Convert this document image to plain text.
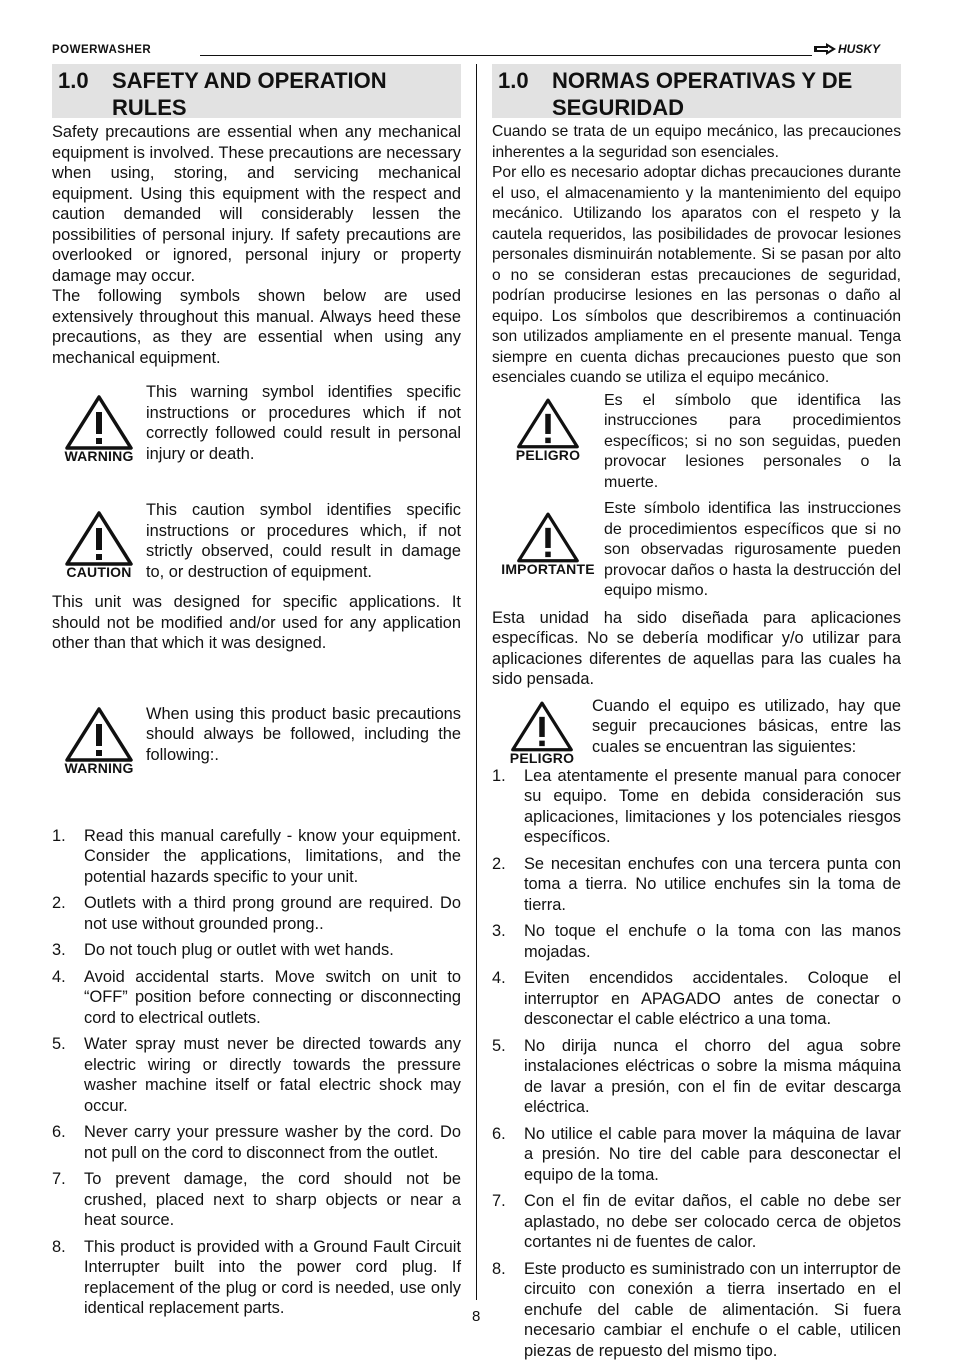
POWERWASHER	HUSKY
1.0	SAFETY AND OPERATION RULES

Safety precautions are essential when any mechanical equipment is involved. These precautions are necessary when using, storing, and servicing mechanical equipment. Using this equipment with the respect and caution demanded will considerably lessen the possibilities of personal injury. If safety precautions are overlooked or ignored, personal injury or property damage may occur.

The following symbols shown below are used extensively throughout this manual. Always heed these precautions, as they are essential when using any mechanical equipment.

WARNING

This warning symbol identifies specific instructions or procedures which if not correctly followed could result in personal injury or death.

CAUTION

This caution symbol identifies specific instructions or procedures which, if not strictly observed, could result in damage to, or destruction of equipment.

This unit was designed for specific applications. It should not be modified and/or used for any application other than that which it was designed.

WARNING

When using this product basic precautions should always be followed, including the following:.

1.	Read this manual carefully - know your equipment. Consider the applications, limitations, and the potential hazards specific to your unit.
2.	Outlets with a third prong ground are required. Do not use without grounded prong..
3.	Do not touch plug or outlet with wet hands.
4.	Avoid accidental starts. Move switch on unit to “OFF” position before connecting or disconnecting cord to electrical outlets.
5.	Water spray must never be directed towards any electric wiring or directly towards the pressure washer machine itself or fatal electric shock may occur.
6.	Never carry your pressure washer by the cord. Do not pull on the cord to disconnect from the outlet.
7.	To prevent damage, the cord should not be crushed, placed next to sharp objects or near a heat source.
8.	This product is provided with a Ground Fault Circuit Interrupter built into the power cord plug. If replacement of the plug or cord is needed, use only identical replacement parts.
1.0	NORMAS OPERATIVAS Y DE SEGURIDAD

Cuando se trata de un equipo mecánico, las precauciones inherentes a la seguridad son esenciales.

Por ello es necesario adoptar dichas precauciones durante el uso, el almacenamiento y la mantenimiento del equipo mecánico. Utilizando los aparatos con el respeto y la cautela requeridos, las posibilidades de provocar lesiones personales disminuirán notablemente. Si se pasan por alto o no se consideran estas precauciones de seguridad, podrían producirse lesiones en las personas o daño al equipo. Los símbolos que describiremos a continuación son utilizados ampliamente en el presente manual. Tenga siempre en cuenta dichas precauciones puesto que son esenciales cuando se utiliza el equipo mecánico.

PELIGRO

Es el símbolo que identifica las instrucciones para procedimientos específicos; si no son seguidas, pueden provocar lesiones personales o la muerte.

IMPORTANTE

Este símbolo identifica las instrucciones de procedimientos específicos que si no son observadas rigurosamente pueden provocar daños o hasta la destrucción del equipo mismo.

Esta unidad ha sido diseñada para aplicaciones específicas. No se debería modificar y/o utilizar para aplicaciones diferentes de aquellas para las cuales ha sido pensada.

PELIGRO

Cuando el equipo es utilizado, hay que seguir precauciones básicas, entre las cuales se encuentran las siguientes:

1.	Lea atentamente el presente manual para conocer su equipo. Tome en debida consideración sus aplicaciones, limitaciones y los potenciales riesgos específicos.
2.	Se necesitan enchufes con una tercera punta con toma a tierra. No utilice enchufes sin la toma de tierra.
3.	No toque el enchufe o la toma con las manos mojadas.
4.	Eviten encendidos accidentales. Coloque el interruptor en APAGADO antes de conectar o desconectar el cable eléctrico a una toma.
5.	No dirija nunca el chorro del agua sobre instalaciones eléctricas o sobre la misma máquina de lavar a presión, con el fin de evitar descarga eléctrica.
6.	No utilice el cable para mover la máquina de lavar a presión. No tire del cable para desconectar el equipo de la toma.
7.	Con el fin de evitar daños, el cable no debe ser aplastado, no debe ser colocado cerca de objetos cortantes ni de fuentes de calor.
8.	Este producto es suministrado con un interruptor de circuito con conexión a tierra insertado en el enchufe del cable de alimentación. Si fuera necesario cambiar el enchufe o el cable, utilicen piezas de repuesto del mismo tipo.
8
